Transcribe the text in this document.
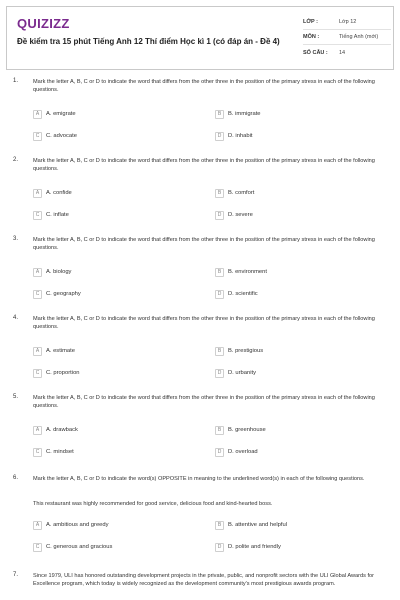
QUIZIZZ
Đề kiểm tra 15 phút Tiếng Anh 12 Thí điểm Học kì 1 (có đáp án - Đề 4)
LỚP :	Lớp 12
MÔN :	Tiếng Anh (mới)
SỐ CÂU :	14
1.	Mark the letter A, B, C or D to indicate the word that differs from the other three in the position of the primary stress in each of the following questions.
A	A. emigrate	B	B. immigrate
C	C. advocate	D	D. inhabit
2.	Mark the letter A, B, C or D to indicate the word that differs from the other three in the position of the primary stress in each of the following questions.
A	A. confide	B	B. comfort
C	C. inflate	D	D. severe
3.	Mark the letter A, B, C or D to indicate the word that differs from the other three in the position of the primary stress in each of the following questions.
A	A. biology	B	B. environment
C	C. geography	D	D. scientific
4.	Mark the letter A, B, C or D to indicate the word that differs from the other three in the position of the primary stress in each of the following questions.
A	A. estimate	B	B. prestigious
C	C. proportion	D	D. urbanity
5.	Mark the letter A, B, C or D to indicate the word that differs from the other three in the position of the primary stress in each of the following questions.
A	A. drawback	B	B. greenhouse
C	C. mindset	D	D. overload
6.	Mark the letter A, B, C or D to indicate the word(s) OPPOSITE in meaning to the underlined word(s) in each of the following questions.
This restaurant was highly recommended for good service, delicious food and kind-hearted boss.
A	A. ambitious and greedy	B	B. attentive and helpful
C	C. generous and gracious	D	D. polite and friendly
7.	Since 1979, ULI has honored outstanding development projects in the private, public, and nonprofit sectors with the ULI Global Awards for Excellence program, which today is widely recognized as the development community's most prestigious awards program.
